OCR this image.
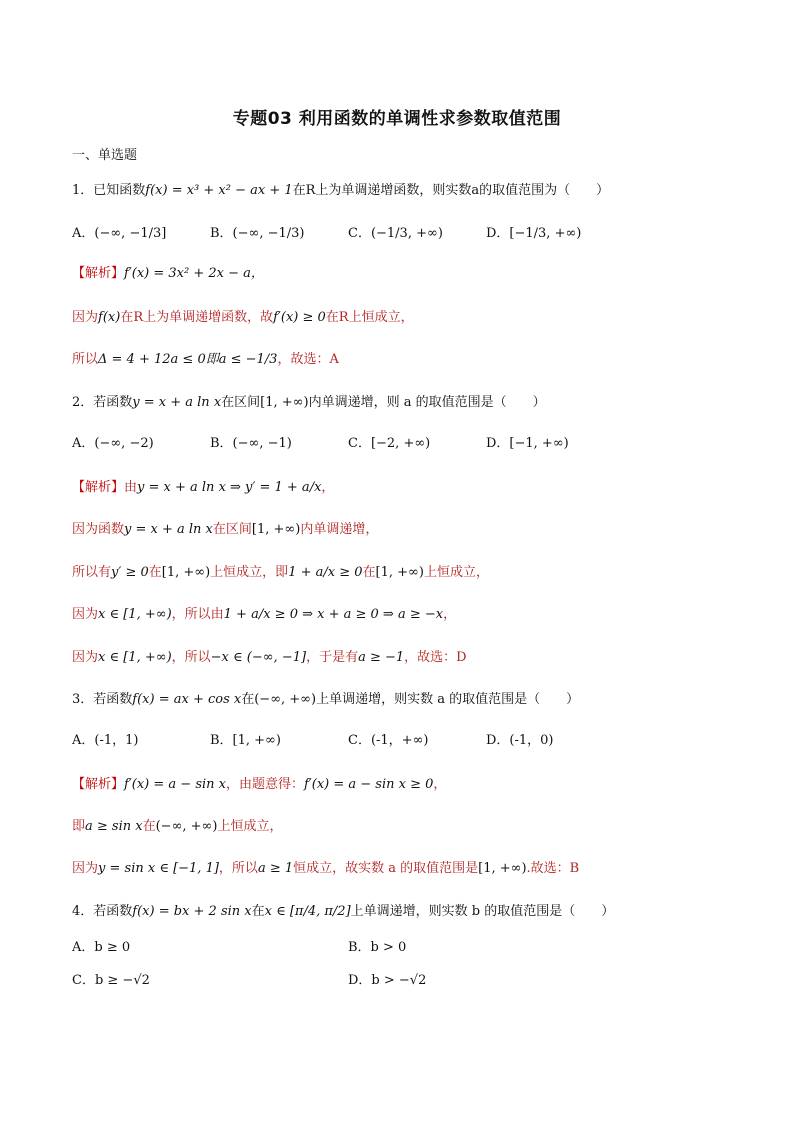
专题03 利用函数的单调性求参数取值范围
一、单选题
1．已知函数f(x) = x³ + x² − ax + 1在R上为单调递增函数，则实数a的取值范围为（　　）
A．(−∞, −1/3]	B．(−∞, −1/3)	C．(−1/3, +∞)	D．[−1/3, +∞)
【解析】f′(x) = 3x² + 2x − a，
因为f(x)在R上为单调递增函数，故f′(x) ≥ 0在R上恒成立，
所以Δ = 4 + 12a ≤ 0即a ≤ −1/3，故选：A
2．若函数y = x + a ln x在区间[1, +∞)内单调递增，则 a 的取值范围是（　　）
A．(−∞, −2)	B．(−∞, −1)	C．[−2, +∞)	D．[−1, +∞)
【解析】由y = x + a ln x ⇒ y′ = 1 + a/x，
因为函数y = x + a ln x在区间[1, +∞)内单调递增，
所以有y′ ≥ 0在[1, +∞)上恒成立，即1 + a/x ≥ 0在[1, +∞)上恒成立，
因为x ∈ [1, +∞)，所以由1 + a/x ≥ 0 ⇒ x + a ≥ 0 ⇒ a ≥ −x，
因为x ∈ [1, +∞)，所以−x ∈ (−∞, −1]，于是有a ≥ −1，故选：D
3．若函数f(x) = ax + cos x在(−∞, +∞)上单调递增，则实数 a 的取值范围是（　　）
A．(-1，1)	B．[1, +∞)	C．(-1，+∞)	D．(-1，0)
【解析】f′(x) = a − sin x，由题意得：f′(x) = a − sin x ≥ 0，
即a ≥ sin x在(−∞, +∞)上恒成立，
因为y = sin x ∈ [−1, 1]，所以a ≥ 1恒成立，故实数 a 的取值范围是[1, +∞).故选：B
4．若函数f(x) = bx + 2 sin x在x ∈ [π/4, π/2]上单调递增，则实数 b 的取值范围是（　　）
A．b ≥ 0	B．b > 0
C．b ≥ −√2	D．b > −√2
